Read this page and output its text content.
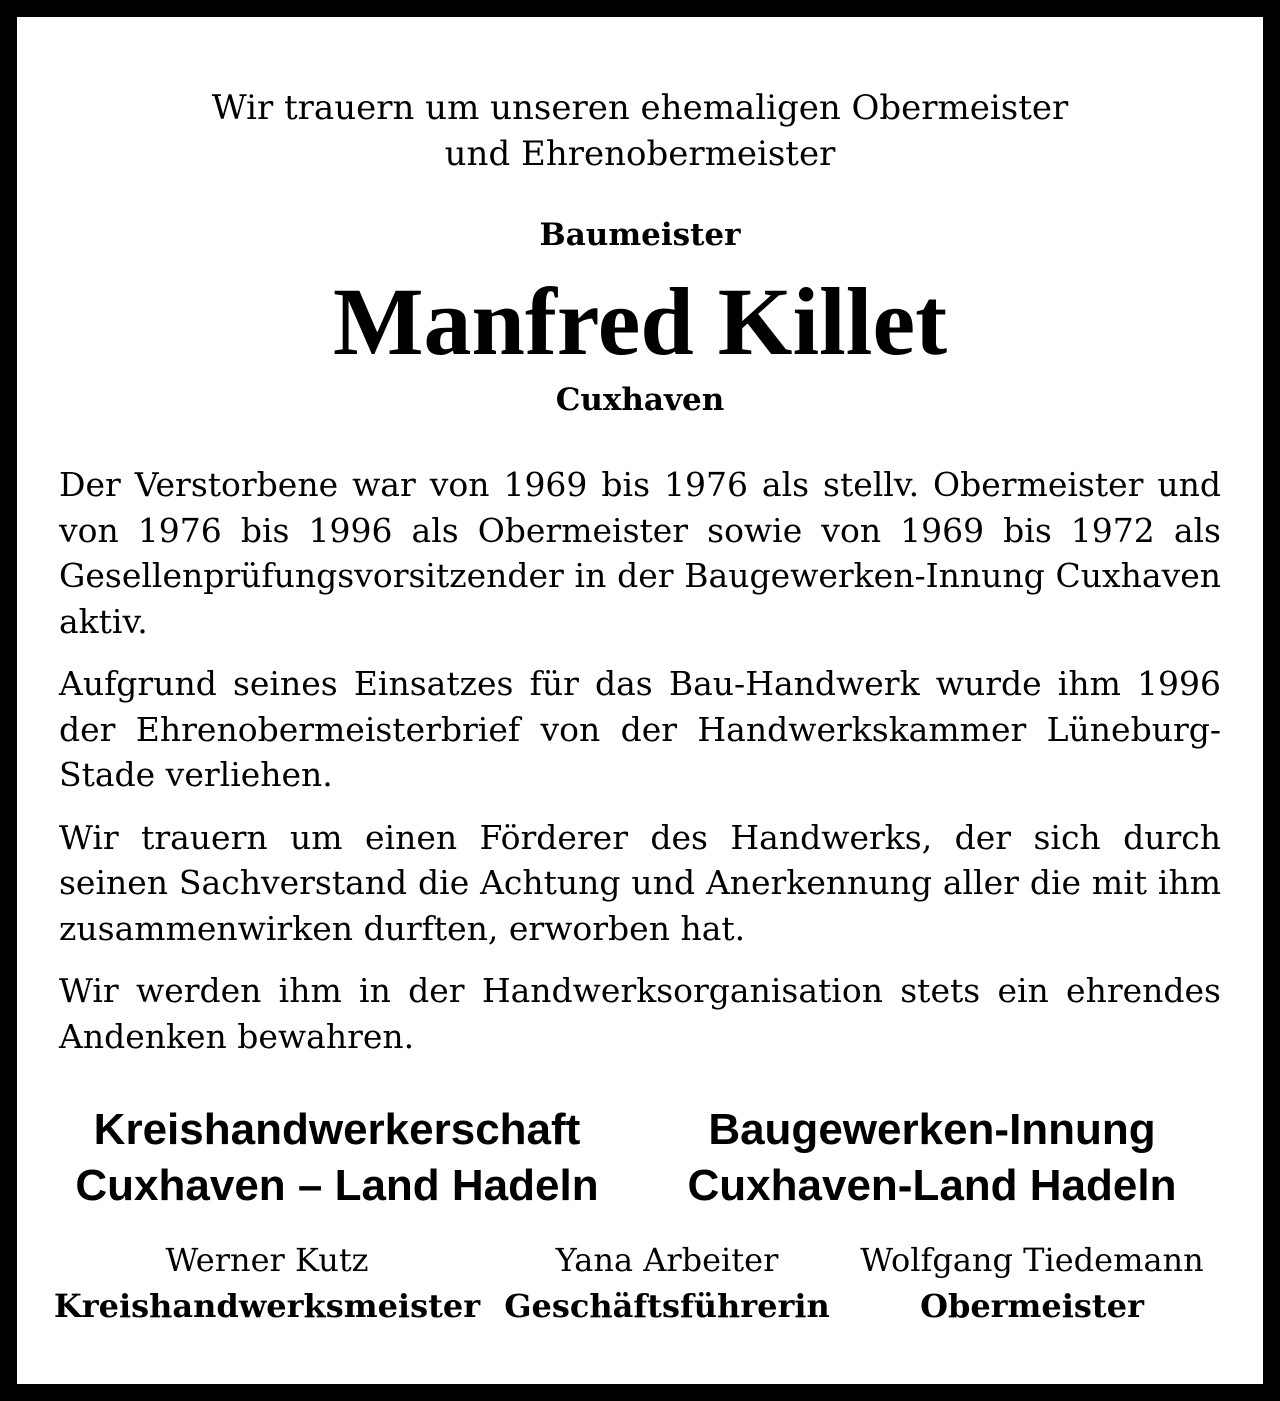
Wir trauern um unseren ehemaligen Obermeister
und Ehrenobermeister
Baumeister
Manfred Killet
Cuxhaven

Der Verstorbene war von 1969 bis 1976 als stellv. Obermeister und von 1976 bis 1996 als Obermeister sowie von 1969 bis 1972 als Gesellenprüfungsvorsitzender in der Baugewerken-Innung Cuxhaven aktiv.

Aufgrund seines Einsatzes für das Bau-Handwerk wurde ihm 1996 der Ehrenobermeisterbrief von der Handwerkskammer Lüneburg-Stade verliehen.

Wir trauern um einen Förderer des Handwerks, der sich durch seinen Sachverstand die Achtung und Anerkennung aller die mit ihm zusammenwirken durften, erworben hat.

Wir werden ihm in der Handwerksorganisation stets ein ehrendes Andenken bewahren.

Kreishandwerkerschaft
Cuxhaven – Land Hadeln
Baugewerken-Innung
Cuxhaven-Land Hadeln
Werner Kutz
Kreishandwerksmeister
Yana Arbeiter
Geschäftsführerin
Wolfgang Tiedemann
Obermeister
